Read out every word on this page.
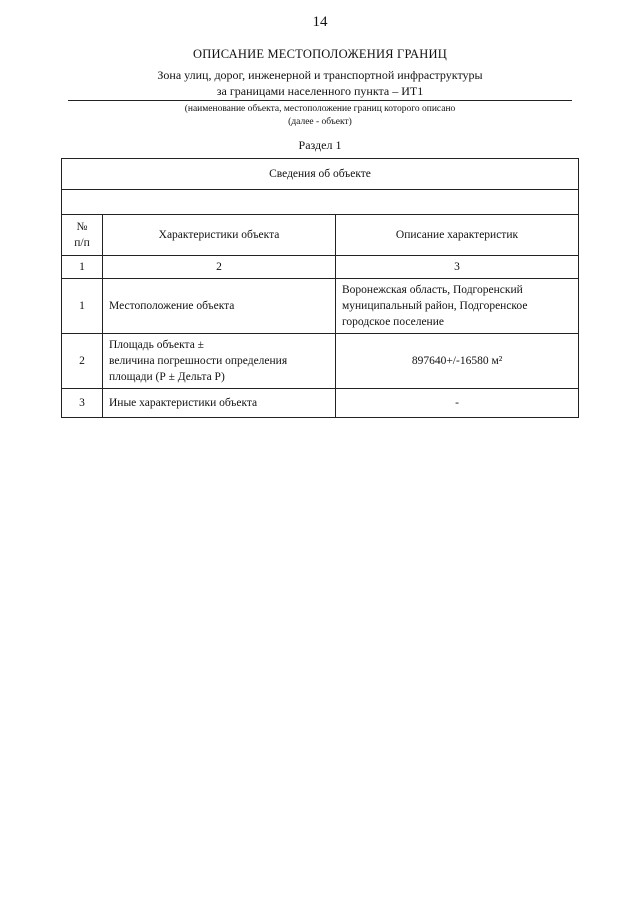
14
ОПИСАНИЕ МЕСТОПОЛОЖЕНИЯ ГРАНИЦ
Зона улиц, дорог, инженерной и транспортной инфраструктуры
за границами населенного пункта – ИТ1
(наименование объекта, местоположение границ которого описано
(далее - объект)
Раздел 1
Сведения об объекте		

№
п/п	Характеристики объекта	Описание характеристик
1	2	3
1	Местоположение объекта	Воронежская область, Подгоренский
муниципальный район, Подгоренское
городское поселение

2	Площадь объекта ±
величина погрешности определения
площади (Р ± Дельта Р)	897640+/-16580 м²
3	Иные характеристики объекта	-
